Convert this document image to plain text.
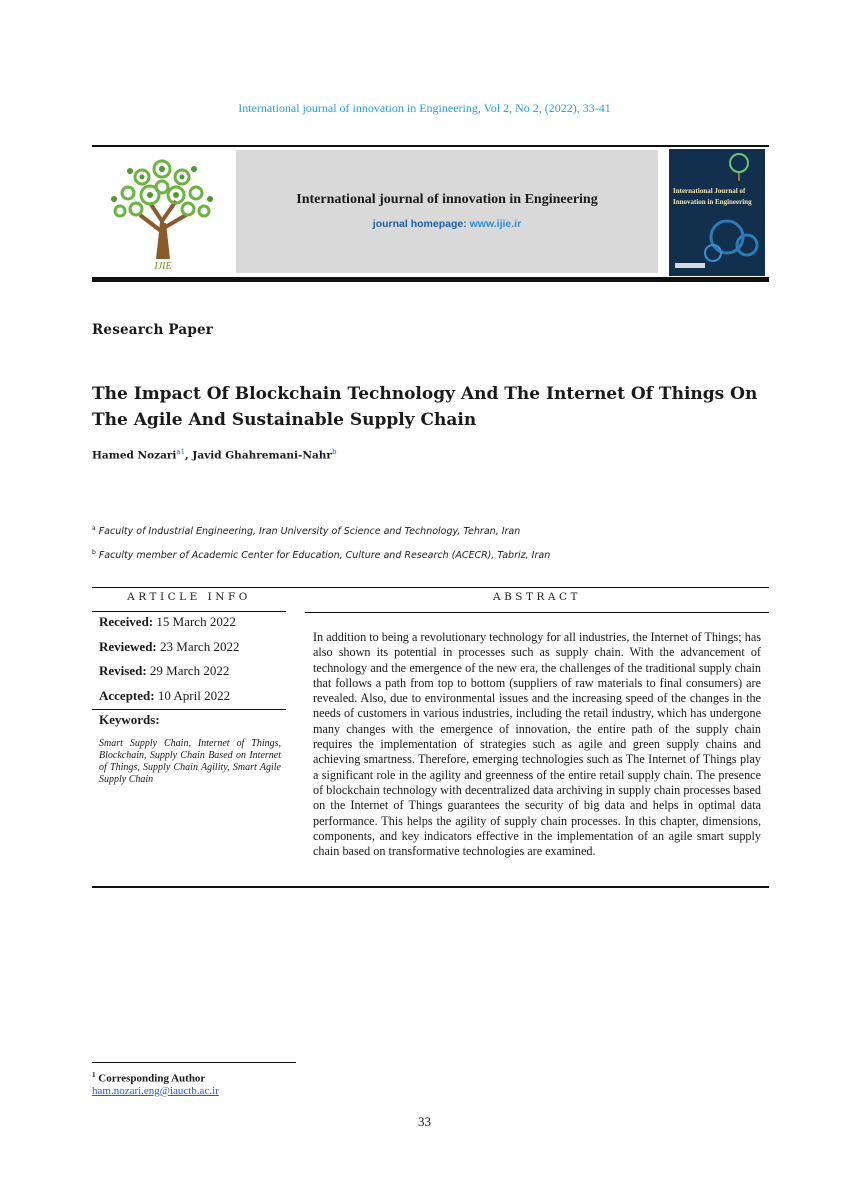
International journal of innovation in Engineering, Vol 2, No 2, (2022), 33-41
IJIE
International journal of innovation in Engineering
journal homepage: www.ijie.ir
International Journal of Innovation in Engineering
Research Paper
The Impact Of Blockchain Technology And The Internet Of Things On The Agile And Sustainable Supply Chain
Hamed Nozari$^{a1}$, Javid Ghahremani-Nahr$^b$
$^a$ Faculty of Industrial Engineering, Iran University of Science and Technology, Tehran, Iran
$^b$ Faculty member of Academic Center for Education, Culture and Research (ACECR), Tabriz, Iran
ARTICLE INFO	ABSTRACT
Received: 15 March 2022
Reviewed: 23 March 2022
Revised: 29 March 2022
Accepted: 10 April 2022
Keywords:
Smart Supply Chain, Internet of Things, Blockchain, Supply Chain Based on Internet of Things, Supply Chain Agility, Smart Agile Supply Chain
In addition to being a revolutionary technology for all industries, the Internet of Things; has also shown its potential in processes such as supply chain. With the advancement of technology and the emergence of the new era, the challenges of the traditional supply chain that follows a path from top to bottom (suppliers of raw materials to final consumers) are revealed. Also, due to environmental issues and the increasing speed of the changes in the needs of customers in various industries, including the retail industry, which has undergone many changes with the emergence of innovation, the entire path of the supply chain requires the implementation of strategies such as agile and green supply chains and achieving smartness. Therefore, emerging technologies such as The Internet of Things play a significant role in the agility and greenness of the entire retail supply chain. The presence of blockchain technology with decentralized data archiving in supply chain processes based on the Internet of Things guarantees the security of big data and helps in optimal data performance. This helps the agility of supply chain processes. In this chapter, dimensions, components, and key indicators effective in the implementation of an agile smart supply chain based on transformative technologies are examined.
$^1$ Corresponding Author
ham.nozari.eng@iauctb.ac.ir
33
